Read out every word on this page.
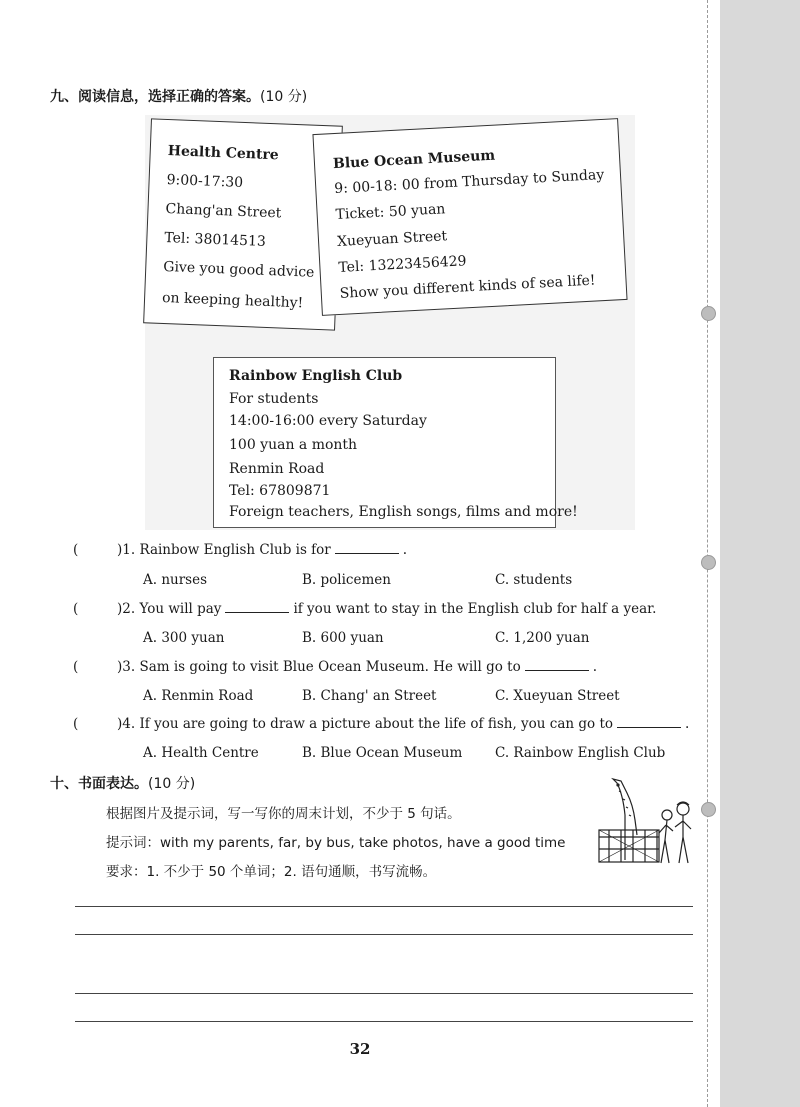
九、阅读信息，选择正确的答案。(10 分)
Health Centre
9:00-17:30
Chang'an Street
Tel: 38014513
Give you good advice
on keeping healthy!
Blue Ocean Museum
9: 00-18: 00 from Thursday to Sunday
Ticket: 50 yuan
Xueyuan Street
Tel: 13223456429
Show you different kinds of sea life!
Rainbow English Club
For students
14:00-16:00 every Saturday
100 yuan a month
Renmin Road
Tel: 67809871
Foreign teachers, English songs, films and more!
(	)1. Rainbow English Club is for	.
A. nurses	B. policemen	C. students
(	)2. You will pay	if you want to stay in the English club for half a year.
A. 300 yuan	B. 600 yuan	C. 1,200 yuan
(	)3. Sam is going to visit Blue Ocean Museum. He will go to	.
A. Renmin Road	B. Chang' an Street	C. Xueyuan Street
(	)4. If you are going to draw a picture about the life of fish, you can go to	.
A. Health Centre	B. Blue Ocean Museum C. Rainbow English Club
十、书面表达。(10 分)
根据图片及提示词，写一写你的周末计划，不少于 5 句话。
提示词：with my parents, far, by bus, take photos, have a good time
要求：1. 不少于 50 个单词；2. 语句通顺，书写流畅。
32
